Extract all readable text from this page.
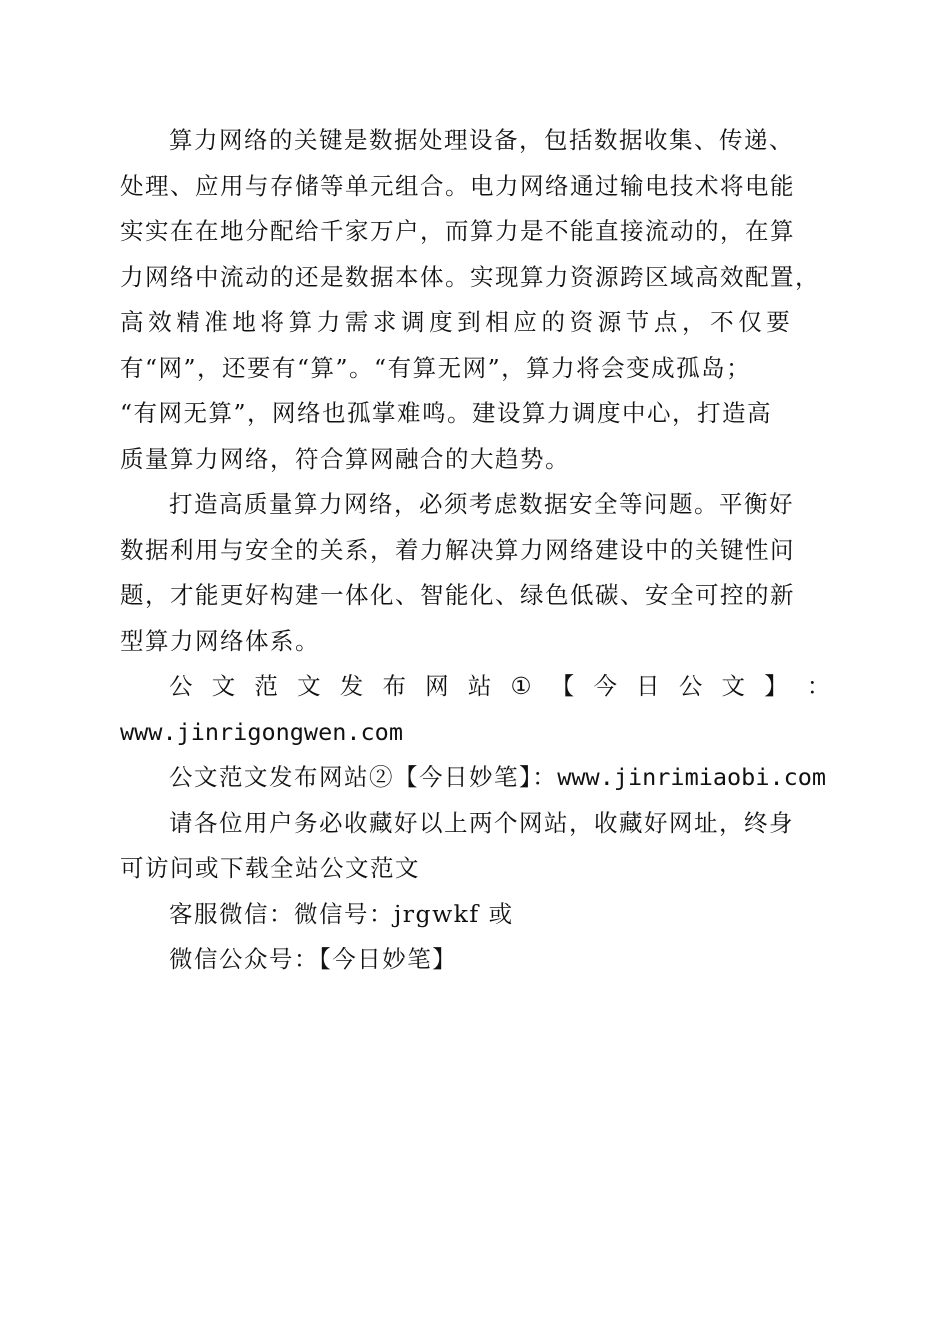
算力网络的关键是数据处理设备，包括数据收集、传递、
处理、应用与存储等单元组合。电力网络通过输电技术将电能
实实在在地分配给千家万户，而算力是不能直接流动的，在算
力网络中流动的还是数据本体。实现算力资源跨区域高效配置，
高效精准地将算力需求调度到相应的资源节点，不仅要
有“网”，还要有“算”。“有算无网”，算力将会变成孤岛；
“有网无算”，网络也孤掌难鸣。建设算力调度中心，打造高
质量算力网络，符合算网融合的大趋势。
打造高质量算力网络，必须考虑数据安全等问题。平衡好
数据利用与安全的关系，着力解决算力网络建设中的关键性问
题，才能更好构建一体化、智能化、绿色低碳、安全可控的新
型算力网络体系。
公 文 范 文 发 布 网 站 ① 【 今 日 公 文 】 ：
www.jinrigongwen.com
公文范文发布网站②【今日妙笔】：www.jinrimiaobi.com
请各位用户务必收藏好以上两个网站，收藏好网址，终身
可访问或下载全站公文范文
客服微信：微信号：jrgwkf 或
微信公众号：【今日妙笔】
